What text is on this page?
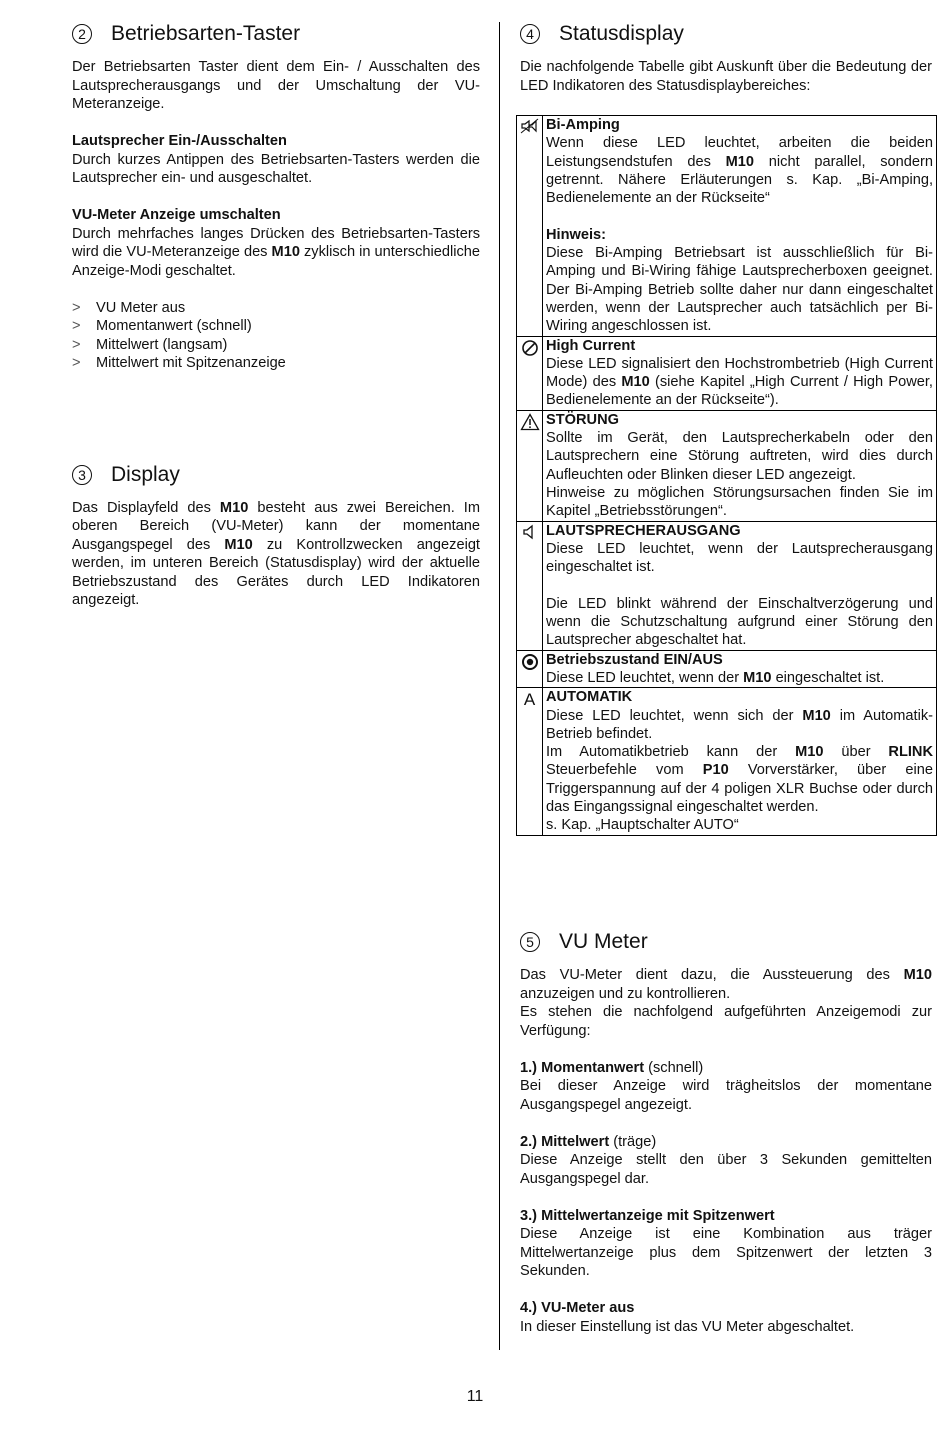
2 Betriebsarten-Taster

Der Betriebsarten Taster dient dem Ein- / Ausschalten des Lautsprecherausgangs und der Umschaltung der VU-Meteranzeige.

Lautsprecher Ein-/Ausschalten

Durch kurzes Antippen des Betriebsarten-Tasters werden die Lautsprecher ein- und ausgeschaltet.

VU-Meter Anzeige umschalten

Durch mehrfaches langes Drücken des Betriebsarten-Tasters wird die VU-Meteranzeige des M10 zyklisch in unterschiedliche Anzeige-Modi geschaltet.

>	VU Meter aus
>	Momentanwert (schnell)
>	Mittelwert (langsam)
>	Mittelwert mit Spitzenanzeige
3 Display

Das Displayfeld des M10 besteht aus zwei Bereichen. Im oberen Bereich (VU-Meter) kann der momentane Ausgangspegel des M10 zu Kontrollzwecken angezeigt werden, im unteren Bereich (Statusdisplay) wird der aktuelle Betriebszustand des Gerätes durch LED Indikatoren angezeigt.

4 Statusdisplay

Die nachfolgende Tabelle gibt Auskunft über die Bedeutung der LED Indikatoren des Statusdisplaybereiches:

	Bi-Amping
Wenn diese LED leuchtet, arbeiten die beiden Leistungsendstufen des M10 nicht parallel, sondern getrennt. Nähere Erläuterungen s. Kap. „Bi-Amping, Bedienelemente an der Rückseite“

Hinweis:
Diese Bi-Amping Betriebsart ist ausschließlich für Bi-Amping und Bi-Wiring fähige Lautsprecherboxen geeignet. Der Bi-Amping Betrieb sollte daher nur dann eingeschaltet werden, wenn der Lautsprecher auch tatsächlich per Bi-Wiring angeschlossen ist.

	High Current
Diese LED signalisiert den Hochstrombetrieb (High Current Mode) des M10 (siehe Kapitel „High Current / High Power, Bedienelemente an der Rückseite“).

	STÖRUNG
Sollte im Gerät, den Lautsprecherkabeln oder den Lautsprechern eine Störung auftreten, wird dies durch Aufleuchten oder Blinken dieser LED angezeigt.
Hinweise zu möglichen Störungsursachen finden Sie im Kapitel „Betriebsstörungen“.

	LAUTSPRECHERAUSGANG
Diese LED leuchtet, wenn der Lautsprecherausgang eingeschaltet ist.

Die LED blinkt während der Einschaltverzögerung und wenn die Schutzschaltung aufgrund einer Störung den Lautsprecher abgeschaltet hat.

	Betriebszustand EIN/AUS
Diese LED leuchtet, wenn der M10 eingeschaltet ist.
A	AUTOMATIK
Diese LED leuchtet, wenn sich der M10 im Automatik-Betrieb befindet.
Im Automatikbetrieb kann der M10 über RLINK Steuerbefehle vom P10 Vorverstärker, über eine Triggerspannung auf der 4 poligen XLR Buchse oder durch das Eingangssignal eingeschaltet werden.
s. Kap. „Hauptschalter AUTO“
5 VU Meter

Das VU-Meter dient dazu, die Aussteuerung des M10 anzuzeigen und zu kontrollieren.

Es stehen die nachfolgend aufgeführten Anzeigemodi zur Verfügung:

1.) Momentanwert (schnell)

Bei dieser Anzeige wird trägheitslos der momentane Ausgangspegel angezeigt.

2.) Mittelwert (träge)

Diese Anzeige stellt den über 3 Sekunden gemittelten Ausgangspegel dar.

3.) Mittelwertanzeige mit Spitzenwert

Diese Anzeige ist eine Kombination aus träger Mittelwertanzeige plus dem Spitzenwert der letzten 3 Sekunden.

4.) VU-Meter aus

In dieser Einstellung ist das VU Meter abgeschaltet.

11
